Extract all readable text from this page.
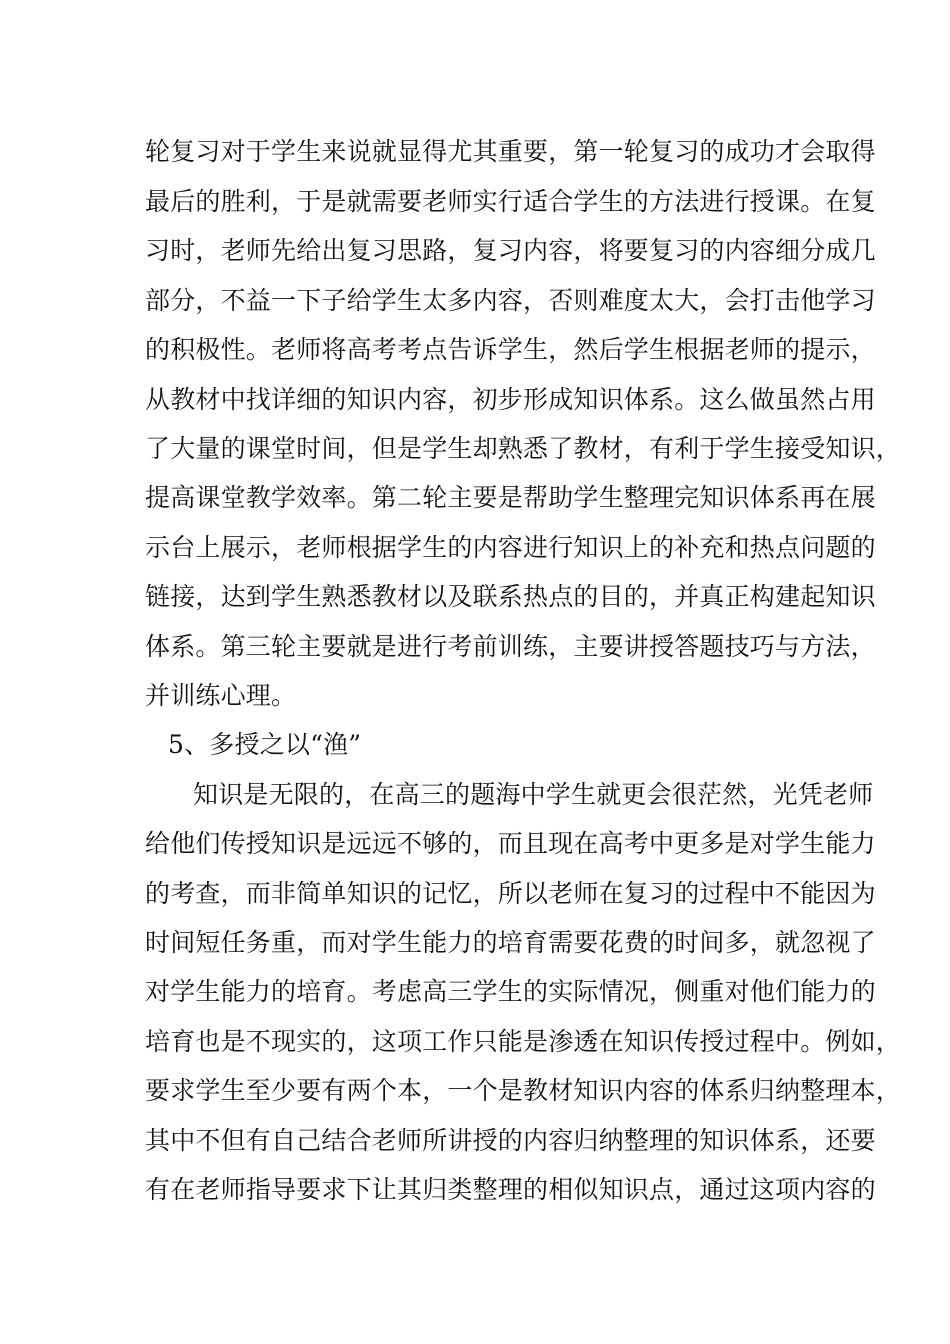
轮复习对于学生来说就显得尤其重要，第一轮复习的成功才会取得
最后的胜利，于是就需要老师实行适合学生的方法进行授课。在复
习时，老师先给出复习思路，复习内容，将要复习的内容细分成几
部分，不益一下子给学生太多内容，否则难度太大，会打击他学习
的积极性。老师将高考考点告诉学生，然后学生根据老师的提示，
从教材中找详细的知识内容，初步形成知识体系。这么做虽然占用
了大量的课堂时间，但是学生却熟悉了教材，有利于学生接受知识，
提高课堂教学效率。第二轮主要是帮助学生整理完知识体系再在展
示台上展示，老师根据学生的内容进行知识上的补充和热点问题的
链接，达到学生熟悉教材以及联系热点的目的，并真正构建起知识
体系。第三轮主要就是进行考前训练，主要讲授答题技巧与方法，
并训练心理。
5、多授之以“渔”
知识是无限的，在高三的题海中学生就更会很茫然，光凭老师
给他们传授知识是远远不够的，而且现在高考中更多是对学生能力
的考查，而非简单知识的记忆，所以老师在复习的过程中不能因为
时间短任务重，而对学生能力的培育需要花费的时间多，就忽视了
对学生能力的培育。考虑高三学生的实际情况，侧重对他们能力的
培育也是不现实的，这项工作只能是渗透在知识传授过程中。例如，
要求学生至少要有两个本，一个是教材知识内容的体系归纳整理本，
其中不但有自己结合老师所讲授的内容归纳整理的知识体系，还要
有在老师指导要求下让其归类整理的相似知识点，通过这项内容的
